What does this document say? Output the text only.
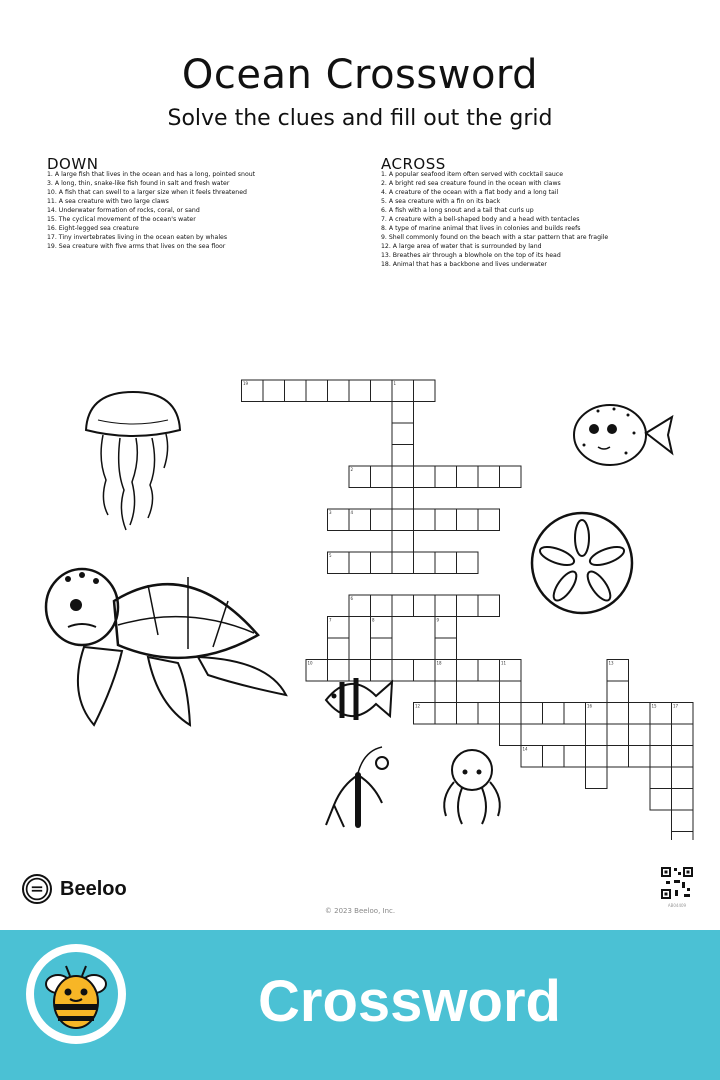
Ocean Crossword

Solve the clues and fill out the grid

DOWN
1. A large fish that lives in the ocean and has a long, pointed snout
3. A long, thin, snake-like fish found in salt and fresh water
10. A fish that can swell to a larger size when it feels threatened
11. A sea creature with two large claws
14. Underwater formation of rocks, coral, or sand
15. The cyclical movement of the ocean's water
16. Eight-legged sea creature
17. Tiny invertebrates living in the ocean eaten by whales
19. Sea creature with five arms that lives on the sea floor
ACROSS
1. A popular seafood item often served with cocktail sauce
2. A bright red sea creature found in the ocean with claws
4. A creature of the ocean with a flat body and a long tail
5. A sea creature with a fin on its back
6. A fish with a long snout and a tail that curls up
7. A creature with a bell-shaped body and a head with tentacles
8. A type of marine animal that lives in colonies and builds reefs
9. Shell commonly found on the beach with a star pattern that are fragile
12. A large area of water that is surrounded by land
13. Breathes air through a blowhole on the top of its head
18. Animal that has a backbone and lives underwater
1
2
3	4
5
6
7	8	9
10	11
12
13
14
15
16	17
18
19
Beeloo
© 2023 Beeloo, Inc.
AB04409
Crossword
